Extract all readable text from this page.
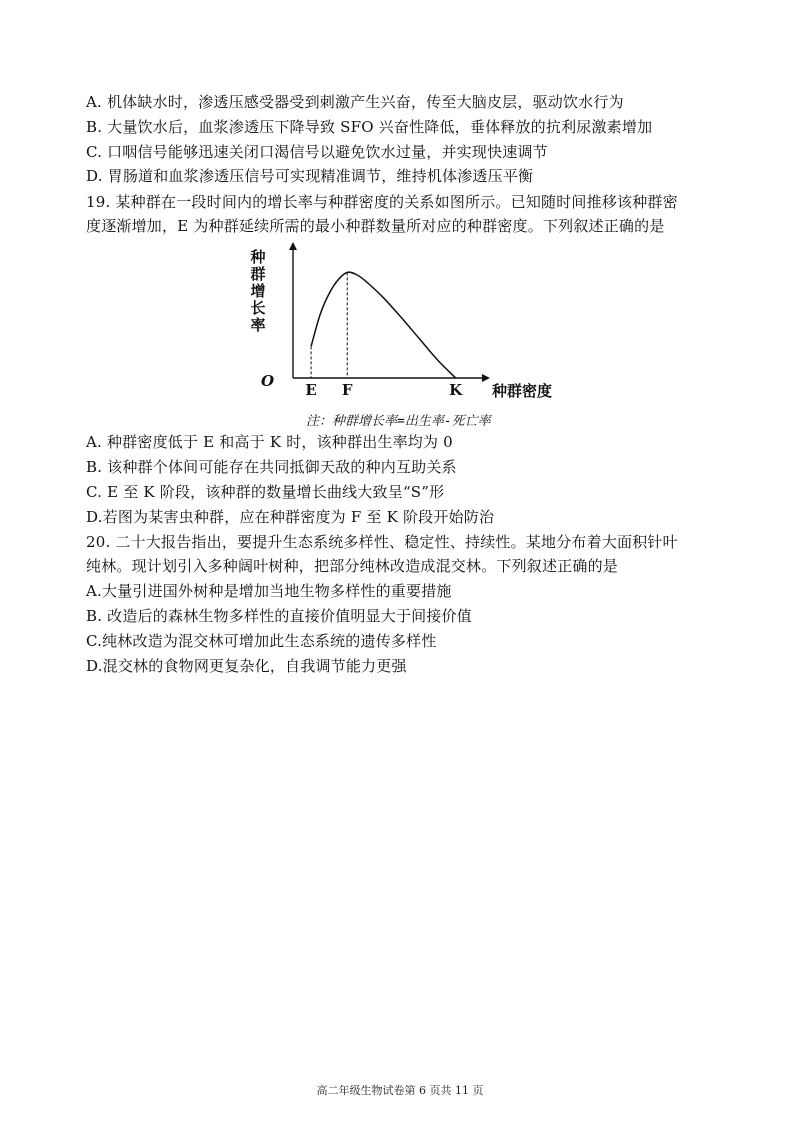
A. 机体缺水时，渗透压感受器受到刺激产生兴奋，传至大脑皮层，驱动饮水行为
B. 大量饮水后，血浆渗透压下降导致 SFO 兴奋性降低，垂体释放的抗利尿激素增加
C. 口咽信号能够迅速关闭口渴信号以避免饮水过量，并实现快速调节
D. 胃肠道和血浆渗透压信号可实现精准调节，维持机体渗透压平衡
19. 某种群在一段时间内的增长率与种群密度的关系如图所示。已知随时间推移该种群密
度逐渐增加，E 为种群延续所需的最小种群数量所对应的种群密度。下列叙述正确的是
种群增长率
种群密度
O
注：种群增长率=出生率-死亡率
E F	K
A. 种群密度低于 E 和高于 K 时，该种群出生率均为 0
B. 该种群个体间可能存在共同抵御天敌的种内互助关系
C. E 至 K 阶段，该种群的数量增长曲线大致呈“S”形
D.若图为某害虫种群，应在种群密度为 F 至 K 阶段开始防治
20. 二十大报告指出，要提升生态系统多样性、稳定性、持续性。某地分布着大面积针叶
纯林。现计划引入多种阔叶树种，把部分纯林改造成混交林。下列叙述正确的是
A.大量引进国外树种是增加当地生物多样性的重要措施
B. 改造后的森林生物多样性的直接价值明显大于间接价值
C.纯林改造为混交林可增加此生态系统的遗传多样性
D.混交林的食物网更复杂化，自我调节能力更强
高二年级生物试卷第 6 页共 11 页
